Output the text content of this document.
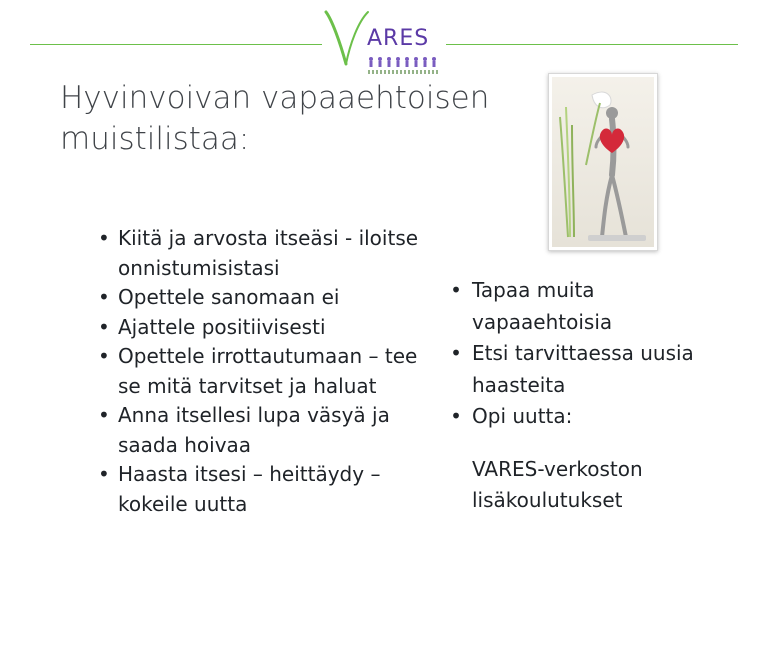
ARES
Hyvinvoivan vapaaehtoisen
muistilistaa:
• Kiitä ja arvosta itseäsi - iloitse onnistumisistasi
• Opettele sanomaan ei
• Ajattele positiivisesti
• Opettele irrottautumaan – tee se mitä tarvitset ja haluat
• Anna itsellesi lupa väsyä ja saada hoivaa
• Haasta itsesi – heittäydy – kokeile uutta
• Tapaa muita vapaaehtoisia
• Etsi tarvittaessa uusia haasteita
• Opi uutta:
VARES-verkoston lisäkoulutukset
